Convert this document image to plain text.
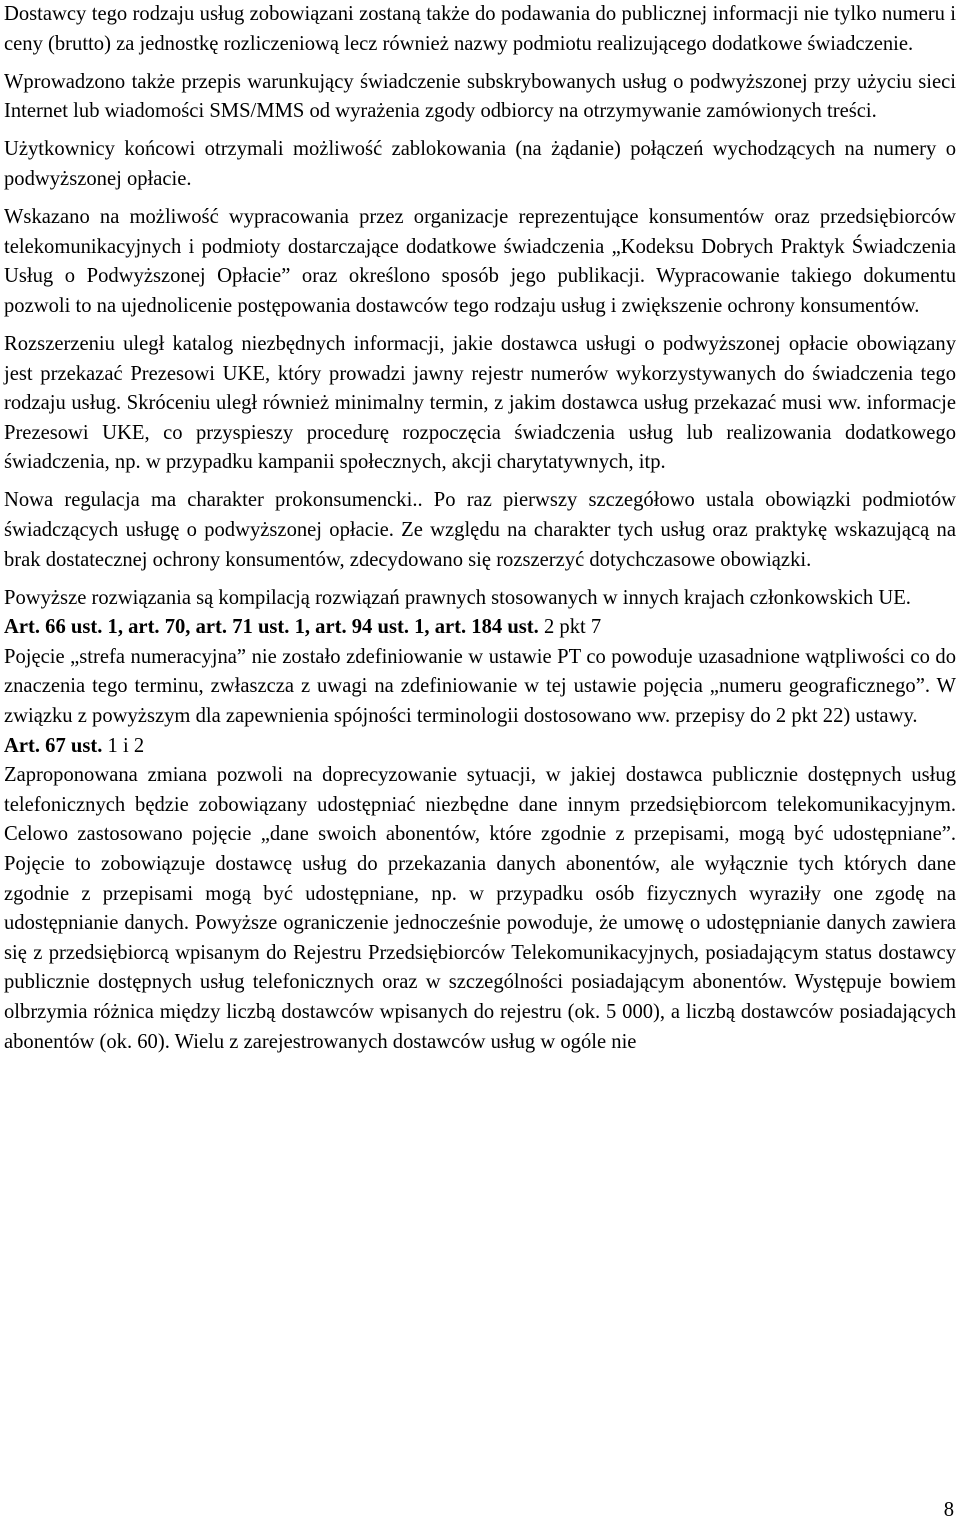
Dostawcy tego rodzaju usług zobowiązani zostaną także do podawania do publicznej informacji nie tylko numeru i ceny (brutto) za jednostkę rozliczeniową lecz również nazwy podmiotu realizującego dodatkowe świadczenie.

Wprowadzono także przepis warunkujący świadczenie subskrybowanych usług o podwyższonej przy użyciu sieci Internet lub wiadomości SMS/MMS od wyrażenia zgody odbiorcy na otrzymywanie zamówionych treści.

Użytkownicy końcowi otrzymali możliwość zablokowania (na żądanie) połączeń wychodzących na numery o podwyższonej opłacie.

Wskazano na możliwość wypracowania przez organizacje reprezentujące konsumentów oraz przedsiębiorców telekomunikacyjnych i podmioty dostarczające dodatkowe świadczenia „Kodeksu Dobrych Praktyk Świadczenia Usług o Podwyższonej Opłacie” oraz określono sposób jego publikacji. Wypracowanie takiego dokumentu pozwoli to na ujednolicenie postępowania dostawców tego rodzaju usług i zwiększenie ochrony konsumentów.

Rozszerzeniu uległ katalog niezbędnych informacji, jakie dostawca usługi o podwyższonej opłacie obowiązany jest przekazać Prezesowi UKE, który prowadzi jawny rejestr numerów wykorzystywanych do świadczenia tego rodzaju usług. Skróceniu uległ również minimalny termin, z jakim dostawca usług przekazać musi ww. informacje Prezesowi UKE, co przyspieszy procedurę rozpoczęcia świadczenia usług lub realizowania dodatkowego świadczenia, np. w przypadku kampanii społecznych, akcji charytatywnych, itp.

Nowa regulacja ma charakter prokonsumencki.. Po raz pierwszy szczegółowo ustala obowiązki podmiotów świadczących usługę o podwyższonej opłacie. Ze względu na charakter tych usług oraz praktykę wskazującą na brak dostatecznej ochrony konsumentów, zdecydowano się rozszerzyć dotychczasowe obowiązki.

Powyższe rozwiązania są kompilacją rozwiązań prawnych stosowanych w innych krajach członkowskich UE.

Art. 66 ust. 1, art. 70, art. 71 ust. 1, art. 94 ust. 1, art. 184 ust. 2 pkt 7

Pojęcie „strefa numeracyjna” nie zostało zdefiniowanie w ustawie PT co powoduje uzasadnione wątpliwości co do znaczenia tego terminu, zwłaszcza z uwagi na zdefiniowanie w tej ustawie pojęcia „numeru geograficznego”. W związku z powyższym dla zapewnienia spójności terminologii dostosowano ww. przepisy do 2 pkt 22) ustawy.

Art. 67 ust. 1 i 2

Zaproponowana zmiana pozwoli na doprecyzowanie sytuacji, w jakiej dostawca publicznie dostępnych usług telefonicznych będzie zobowiązany udostępniać niezbędne dane innym przedsiębiorcom telekomunikacyjnym. Celowo zastosowano pojęcie „dane swoich abonentów, które zgodnie z przepisami, mogą być udostępniane”. Pojęcie to zobowiązuje dostawcę usług do przekazania danych abonentów, ale wyłącznie tych których dane zgodnie z przepisami mogą być udostępniane, np. w przypadku osób fizycznych wyraziły one zgodę na udostępnianie danych. Powyższe ograniczenie jednocześnie powoduje, że umowę o udostępnianie danych zawiera się z przedsiębiorcą wpisanym do Rejestru Przedsiębiorców Telekomunikacyjnych, posiadającym status dostawcy publicznie dostępnych usług telefonicznych oraz w szczególności posiadającym abonentów. Występuje bowiem olbrzymia różnica między liczbą dostawców wpisanych do rejestru (ok. 5 000), a liczbą dostawców posiadających abonentów (ok. 60). Wielu z zarejestrowanych dostawców usług w ogóle nie

8
